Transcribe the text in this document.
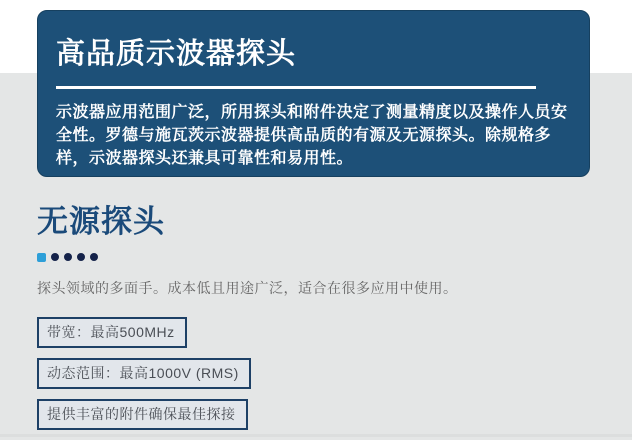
高品质示波器探头
示波器应用范围广泛，所用探头和附件决定了测量精度以及操作人员安全性。罗德与施瓦茨示波器提供高品质的有源及无源探头。除规格多样，示波器探头还兼具可靠性和易用性。
无源探头
探头领域的多面手。成本低且用途广泛，适合在很多应用中使用。
带宽：最高500MHz
动态范围：最高1000V (RMS)
提供丰富的附件确保最佳探接
